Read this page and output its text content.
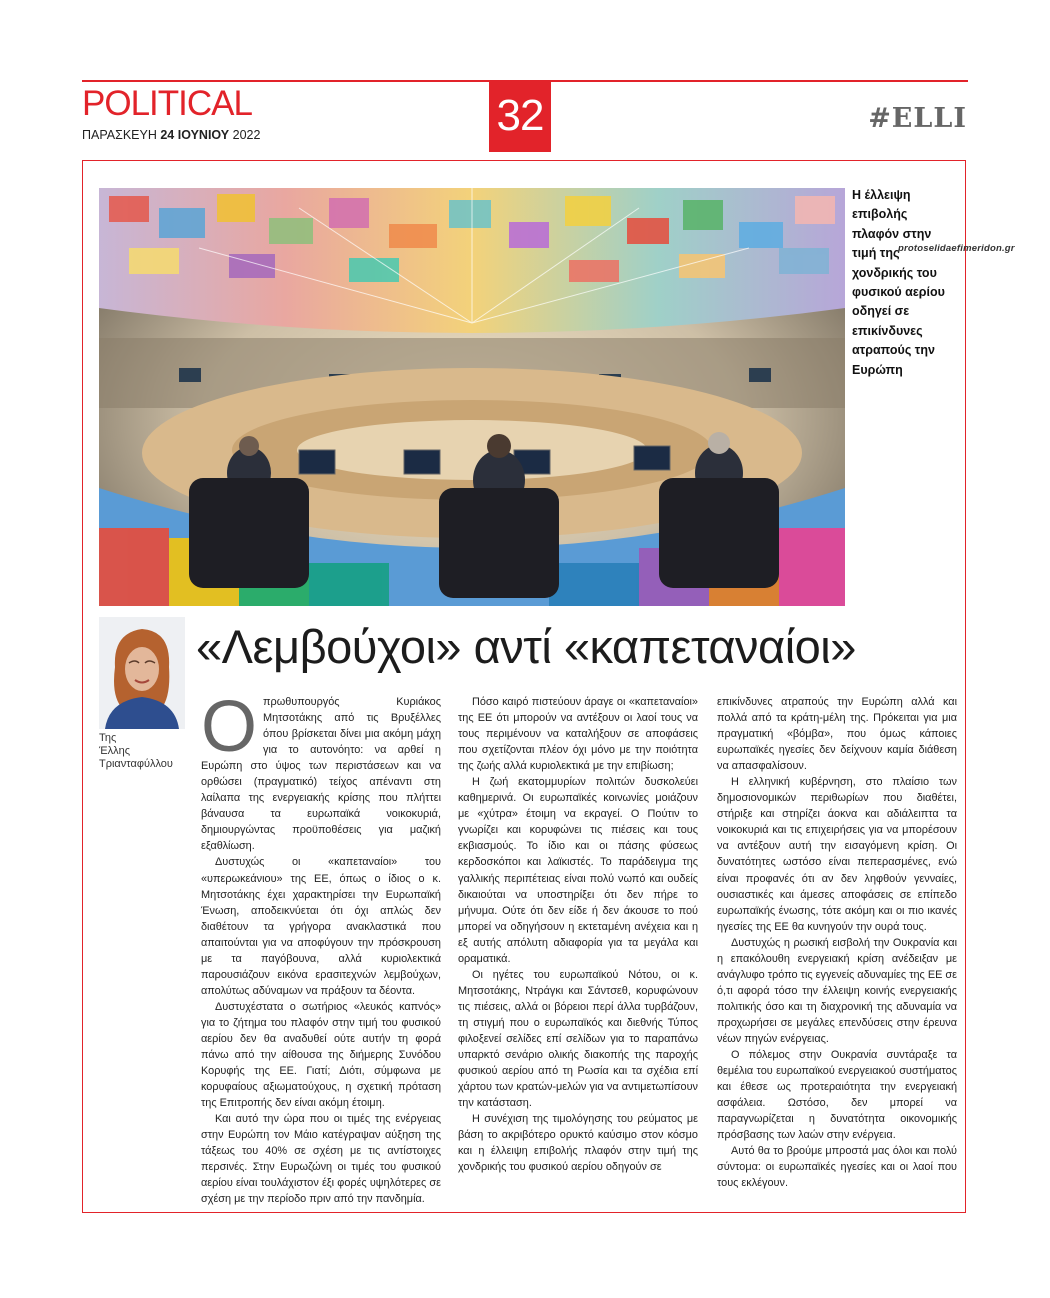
POLITICAL
ΠΑΡΑΣΚΕΥΗ 24 ΙΟΥΝΙΟΥ 2022	32	#ELLI
Η έλλειψη επιβολής πλαφόν στην τιμή της χονδρικής του φυσικού αερίου οδηγεί σε επικίνδυνες ατραπούς την Ευρώπη
protoselidaefimeridon.gr
Της
Έλλης
Τριανταφύλλου
«Λεμβούχοι» αντί «καπεταναίοι»
Ο πρωθυπουργός Κυριάκος Μητσοτάκης από τις Βρυξέλλες όπου βρίσκεται δίνει μια ακόμη μάχη για το αυτονόητο: να αρθεί η Ευρώπη στο ύψος των περιστάσεων και να ορθώσει (πραγματικό) τείχος απέναντι στη λαίλαπα της ενεργειακής κρίσης που πλήττει βάναυσα τα ευρωπαϊκά νοικοκυριά, δημιουργώντας προϋποθέσεις για μαζική εξαθλίωση.

Δυστυχώς οι «καπεταναίοι» του «υπερωκεάνιου» της ΕΕ, όπως ο ίδιος ο κ. Μητσοτάκης έχει χαρακτηρίσει την Ευρωπαϊκή Ένωση, αποδεικνύεται ότι όχι απλώς δεν διαθέτουν τα γρήγορα ανακλαστικά που απαιτούνται για να αποφύγουν την πρόσκρουση με τα παγόβουνα, αλλά κυριολεκτικά παρουσιάζουν εικόνα ερασιτεχνών λεμβούχων, απολύτως αδύναμων να πράξουν τα δέοντα.

Δυστυχέστατα ο σωτήριος «λευκός καπνός» για το ζήτημα του πλαφόν στην τιμή του φυσικού αερίου δεν θα αναδυθεί ούτε αυτήν τη φορά πάνω από την αίθουσα της διήμερης Συνόδου Κορυφής της ΕΕ. Γιατί; Διότι, σύμφωνα με κορυφαίους αξιωματούχους, η σχετική πρόταση της Επιτροπής δεν είναι ακόμη έτοιμη.

Και αυτό την ώρα που οι τιμές της ενέργειας στην Ευρώπη τον Μάιο κατέγραψαν αύξηση της τάξεως του 40% σε σχέση με τις αντίστοιχες περσινές. Στην Ευρωζώνη οι τιμές του φυσικού αερίου είναι τουλάχιστον έξι φορές υψηλότερες σε σχέση με την περίοδο πριν από την πανδημία.

Πόσο καιρό πιστεύουν άραγε οι «καπεταναίοι» της ΕΕ ότι μπορούν να αντέξουν οι λαοί τους να τους περιμένουν να καταλήξουν σε αποφάσεις που σχετίζονται πλέον όχι μόνο με την ποιότητα της ζωής αλλά κυριολεκτικά με την επιβίωση;

Η ζωή εκατομμυρίων πολιτών δυσκολεύει καθημερινά. Οι ευρωπαϊκές κοινωνίες μοιάζουν με «χύτρα» έτοιμη να εκραγεί. Ο Πούτιν το γνωρίζει και κορυφώνει τις πιέσεις και τους εκβιασμούς. Το ίδιο και οι πάσης φύσεως κερδοσκόποι και λαϊκιστές. Το παράδειγμα της γαλλικής περιπέτειας είναι πολύ νωπό και ουδείς δικαιούται να υποστηρίξει ότι δεν πήρε το μήνυμα. Ούτε ότι δεν είδε ή δεν άκουσε το πού μπορεί να οδηγήσουν η εκτεταμένη ανέχεια και η εξ αυτής απόλυτη αδιαφορία για τα μεγάλα και οραματικά.

Οι ηγέτες του ευρωπαϊκού Νότου, οι κ. Μητσοτάκης, Ντράγκι και Σάντσεθ, κορυφώνουν τις πιέσεις, αλλά οι βόρειοι περί άλλα τυρβάζουν, τη στιγμή που ο ευρωπαϊκός και διεθνής Τύπος φιλοξενεί σελίδες επί σελίδων για το παραπάνω υπαρκτό σενάριο ολικής διακοπής της παροχής φυσικού αερίου από τη Ρωσία και τα σχέδια επί χάρτου των κρατών-μελών για να αντιμετωπίσουν την κατάσταση.

Η συνέχιση της τιμολόγησης του ρεύματος με βάση το ακριβότερο ορυκτό καύσιμο στον κόσμο και η έλλειψη επιβολής πλαφόν στην τιμή της χονδρικής του φυσικού αερίου οδηγούν σε

επικίνδυνες ατραπούς την Ευρώπη αλλά και πολλά από τα κράτη-μέλη της. Πρόκειται για μια πραγματική «βόμβα», που όμως κάποιες ευρωπαϊκές ηγεσίες δεν δείχνουν καμία διάθεση να απασφαλίσουν.

Η ελληνική κυβέρνηση, στο πλαίσιο των δημοσιονομικών περιθωρίων που διαθέτει, στήριξε και στηρίζει άοκνα και αδιάλειπτα τα νοικοκυριά και τις επιχειρήσεις για να μπορέσουν να αντέξουν αυτή την εισαγόμενη κρίση. Οι δυνατότητες ωστόσο είναι πεπερασμένες, ενώ είναι προφανές ότι αν δεν ληφθούν γενναίες, ουσιαστικές και άμεσες αποφάσεις σε επίπεδο ευρωπαϊκής ένωσης, τότε ακόμη και οι πιο ικανές ηγεσίες της ΕΕ θα κυνηγούν την ουρά τους.

Δυστυχώς η ρωσική εισβολή την Ουκρανία και η επακόλουθη ενεργειακή κρίση ανέδειξαν με ανάγλυφο τρόπο τις εγγενείς αδυναμίες της ΕΕ σε ό,τι αφορά τόσο την έλλειψη κοινής ενεργειακής πολιτικής όσο και τη διαχρονική της αδυναμία να προχωρήσει σε μεγάλες επενδύσεις στην έρευνα νέων πηγών ενέργειας.

Ο πόλεμος στην Ουκρανία συντάραξε τα θεμέλια του ευρωπαϊκού ενεργειακού συστήματος και έθεσε ως προτεραιότητα την ενεργειακή ασφάλεια. Ωστόσο, δεν μπορεί να παραγνωρίζεται η δυνατότητα οικονομικής πρόσβασης των λαών στην ενέργεια.

Αυτό θα το βρούμε μπροστά μας όλοι και πολύ σύντομα: οι ευρωπαϊκές ηγεσίες και οι λαοί που τους εκλέγουν.
